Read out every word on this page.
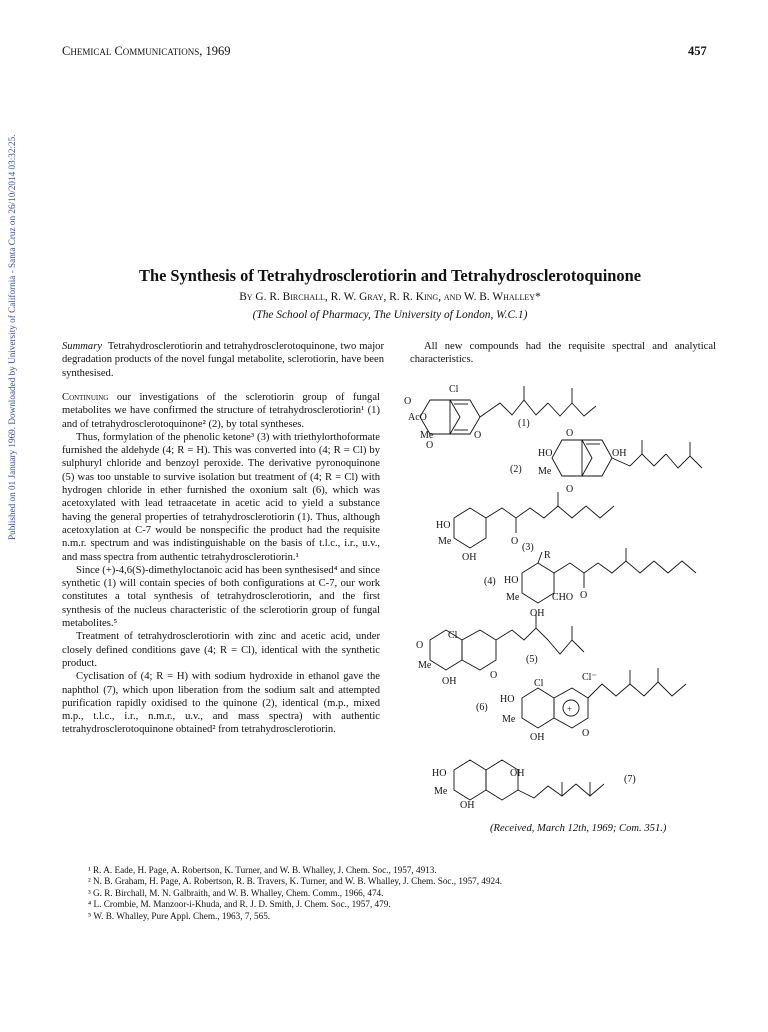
Published on 01 January 1969. Downloaded by University of California - Santa Cruz on 26/10/2014 03:32:25.
Chemical Communications, 1969	457
The Synthesis of Tetrahydrosclerotiorin and Tetrahydrosclerotoquinone
By G. R. Birchall, R. W. Gray, R. R. King, and W. B. Whalley*
(The School of Pharmacy, The University of London, W.C.1)
Summary Tetrahydrosclerotiorin and tetrahydrosclerotoquinone, two major degradation products of the novel fungal metabolite, sclerotiorin, have been synthesised.

Continuing our investigations of the sclerotiorin group of fungal metabolites we have confirmed the structure of tetrahydrosclerotiorin¹ (1) and of tetrahydrosclerotoquinone² (2), by total syntheses.

Thus, formylation of the phenolic ketone³ (3) with triethylorthoformate furnished the aldehyde (4; R = H). This was converted into (4; R = Cl) by sulphuryl chloride and benzoyl peroxide. The derivative pyronoquinone (5) was too unstable to survive isolation but treatment of (4; R = Cl) with hydrogen chloride in ether furnished the oxonium salt (6), which was acetoxylated with lead tetraacetate in acetic acid to yield a substance having the general properties of tetrahydrosclerotiorin (1). Thus, although acetoxylation at C-7 would be nonspecific the product had the requisite n.m.r. spectrum and was indistinguishable on the basis of t.l.c., i.r., u.v., and mass spectra from authentic tetrahydrosclerotiorin.¹

Since (+)-4,6(S)-dimethyloctanoic acid has been synthesised⁴ and since synthetic (1) will contain species of both configurations at C-7, our work constitutes a total synthesis of tetrahydrosclerotiorin, and the first synthesis of the nucleus characteristic of the sclerotiorin group of fungal metabolites.⁵

Treatment of tetrahydrosclerotiorin with zinc and acetic acid, under closely defined conditions gave (4; R = Cl), identical with the synthetic product.

Cyclisation of (4; R = H) with sodium hydroxide in ethanol gave the naphthol (7), which upon liberation from the sodium salt and attempted purification rapidly oxidised to the quinone (2), identical (m.p., mixed m.p., t.l.c., i.r., n.m.r., u.v., and mass spectra) with authentic tetrahydrosclerotoquinone obtained² from tetrahydrosclerotiorin.

All new compounds had the requisite spectral and analytical characteristics.

O
Cl
AcO
Me
O
O
(1)
O
HO	OH
Me
O
(2)
HO
Me
OH
O
(3)
R
HO
Me	CHO O
OH
(4)
O
Cl
Me
OH
O
(5)
Cl
Cl⁻
HO
Me
+
O
OH
(6)
HO	OH
Me
OH
(7)
(Received, March 12th, 1969; Com. 351.)
¹ R. A. Eade, H. Page, A. Robertson, K. Turner, and W. B. Whalley, J. Chem. Soc., 1957, 4913.
² N. B. Graham, H. Page, A. Robertson, R. B. Travers, K. Turner, and W. B. Whalley, J. Chem. Soc., 1957, 4924.
³ G. R. Birchall, M. N. Galbraith, and W. B. Whalley, Chem. Comm., 1966, 474.
⁴ L. Crombie, M. Manzoor-i-Khuda, and R. J. D. Smith, J. Chem. Soc., 1957, 479.
⁵ W. B. Whalley, Pure Appl. Chem., 1963, 7, 565.
